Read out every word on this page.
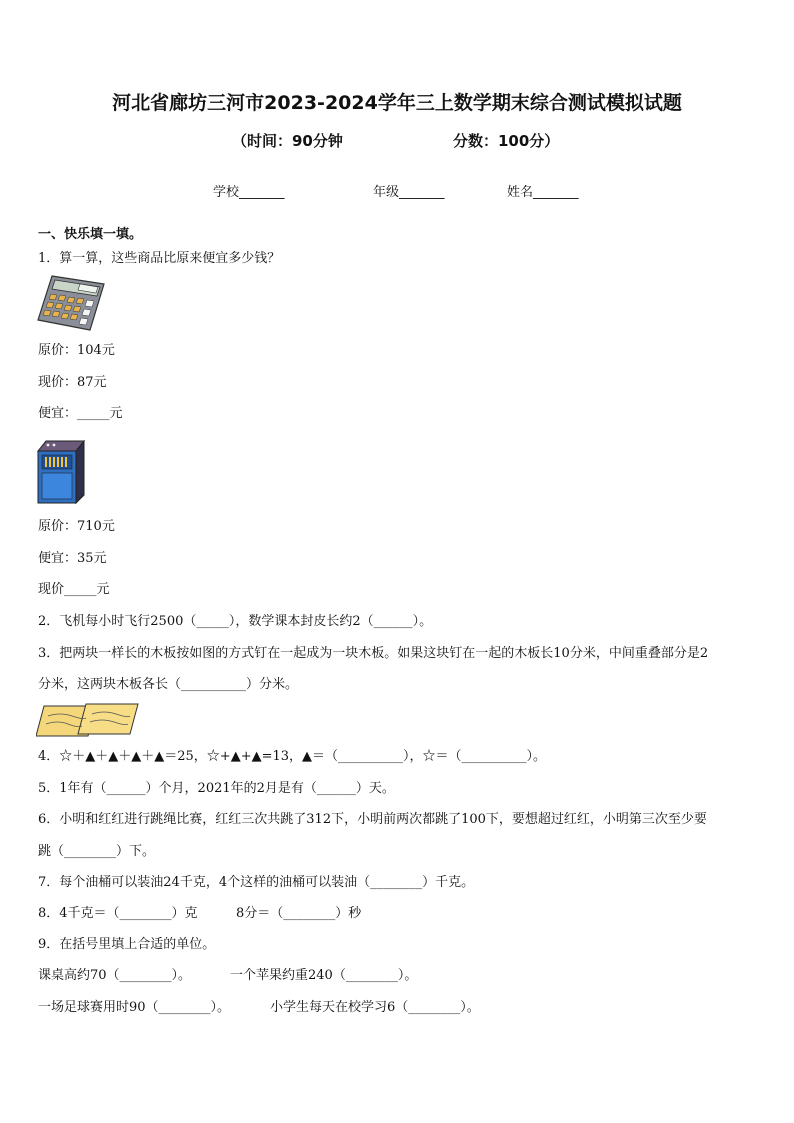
河北省廊坊三河市2023-2024学年三上数学期末综合测试模拟试题
（时间：90分钟	分数：100分）
学校_______	年级_______	姓名_______
一、快乐填一填。
1．算一算，这些商品比原来便宜多少钱？
原价：104元
现价：87元
便宜：_____元
原价：710元
便宜：35元
现价_____元
2．飞机每小时飞行2500（_____），数学课本封皮长约2（______）。
3．把两块一样长的木板按如图的方式钉在一起成为一块木板。如果这块钉在一起的木板长10分米，中间重叠部分是2
分米，这两块木板各长（__________）分米。
4．☆＋▲＋▲＋▲＋▲＝25，☆+▲+▲=13，▲＝（__________），☆＝（__________）。
5．1年有（______）个月，2021年的2月是有（______）天。
6．小明和红红进行跳绳比赛，红红三次共跳了312下，小明前两次都跳了100下，要想超过红红，小明第三次至少要
跳（________）下。
7．每个油桶可以装油24千克，4个这样的油桶可以装油（________）千克。
8．4千克＝（________）克	8分＝（________）秒
9．在括号里填上合适的单位。
课桌高约70（________）。	一个苹果约重240（________）。
一场足球赛用时90（________）。	小学生每天在校学习6（________）。
